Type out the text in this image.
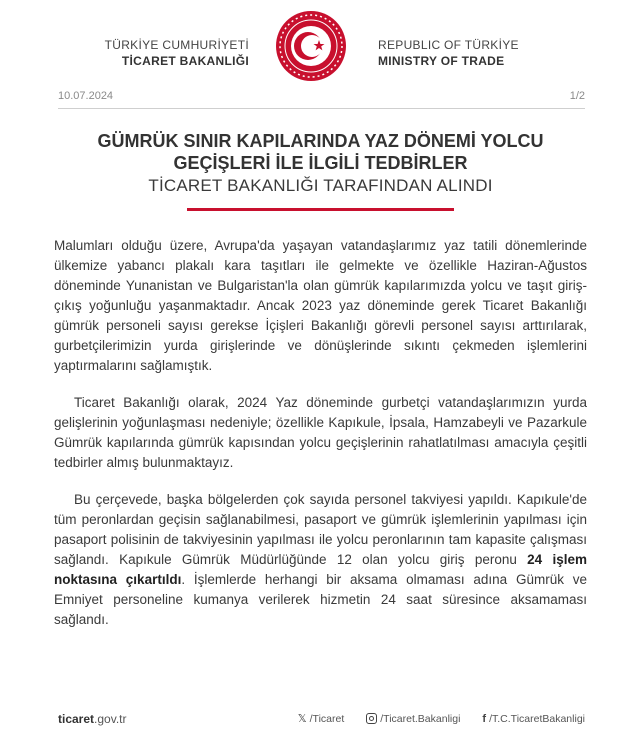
TÜRKİYE CUMHURİYETİ
TİCARET BAKANLIĞI
REPUBLIC OF TÜRKİYE
MINISTRY OF TRADE
10.07.2024	1/2
GÜMRÜK SINIR KAPILARINDA YAZ DÖNEMİ YOLCU
GEÇİŞLERİ İLE İLGİLİ TEDBİRLER
TİCARET BAKANLIĞI TARAFINDAN ALINDI

Malumları olduğu üzere, Avrupa'da yaşayan vatandaşlarımız yaz tatili dönemlerinde ülkemize yabancı plakalı kara taşıtları ile gelmekte ve özellikle Haziran-Ağustos döneminde Yunanistan ve Bulgaristan'la olan gümrük kapılarımızda yolcu ve taşıt giriş-çıkış yoğunluğu yaşanmaktadır. Ancak 2023 yaz döneminde gerek Ticaret Bakanlığı gümrük personeli sayısı gerekse İçişleri Bakanlığı görevli personel sayısı arttırılarak, gurbetçilerimizin yurda girişlerinde ve dönüşlerinde sıkıntı çekmeden işlemlerini yaptırmalarını sağlamıştık.

Ticaret Bakanlığı olarak, 2024 Yaz döneminde gurbetçi vatandaşlarımızın yurda gelişlerinin yoğunlaşması nedeniyle; özellikle Kapıkule, İpsala, Hamzabeyli ve Pazarkule Gümrük kapılarında gümrük kapısından yolcu geçişlerinin rahatlatılması amacıyla çeşitli tedbirler almış bulunmaktayız.

Bu çerçevede, başka bölgelerden çok sayıda personel takviyesi yapıldı. Kapıkule'de tüm peronlardan geçisin sağlanabilmesi, pasaport ve gümrük işlemlerinin yapılması için pasaport polisinin de takviyesinin yapılması ile yolcu peronlarının tam kapasite çalışması sağlandı. Kapıkule Gümrük Müdürlüğünde 12 olan yolcu giriş peronu 24 işlem noktasına çıkartıldı. İşlemlerde herhangi bir aksama olmaması adına Gümrük ve Emniyet personeline kumanya verilerek hizmetin 24 saat süresince aksamaması sağlandı.

ticaret.gov.tr	𝕏 /Ticaret	/Ticaret.Bakanligi f /T.C.TicaretBakanligi
